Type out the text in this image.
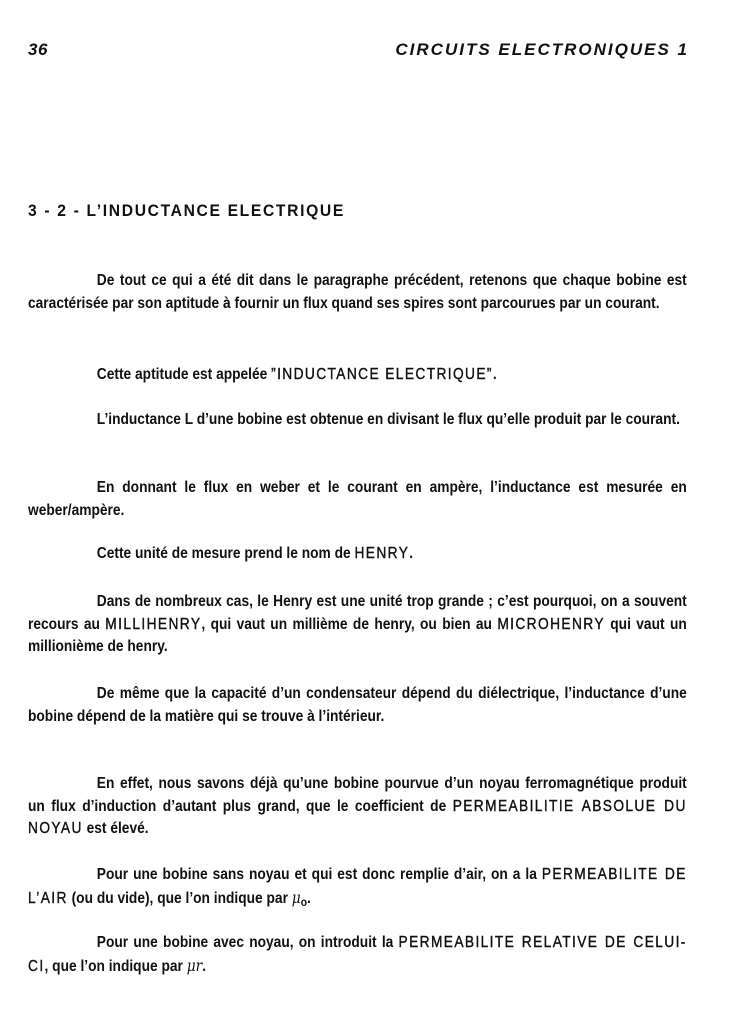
36	CIRCUITS ELECTRONIQUES 1
3 - 2 - L’INDUCTANCE ELECTRIQUE

De tout ce qui a été dit dans le paragraphe précédent, retenons que chaque bobine est caractérisée par son aptitude à fournir un flux quand ses spires sont parcourues par un courant.

Cette aptitude est appelée ”INDUCTANCE ELECTRIQUE”.

L’inductance L d’une bobine est obtenue en divisant le flux qu’elle produit par le courant.

En donnant le flux en weber et le courant en ampère, l’inductance est mesurée en weber/ampère.

Cette unité de mesure prend le nom de HENRY.

Dans de nombreux cas, le Henry est une unité trop grande ; c’est pourquoi, on a souvent recours au MILLIHENRY, qui vaut un millième de henry, ou bien au MICROHENRY qui vaut un millionième de henry.

De même que la capacité d’un condensateur dépend du diélectrique, l’inductance d’une bobine dépend de la matière qui se trouve à l’intérieur.

En effet, nous savons déjà qu’une bobine pourvue d’un noyau ferromagnétique produit un flux d’induction d’autant plus grand, que le coefficient de PERMEABILITIE ABSOLUE DU NOYAU est élevé.

Pour une bobine sans noyau et qui est donc remplie d’air, on a la PERMEABILITE DE L’AIR (ou du vide), que l’on indique par $\mu_o$.

Pour une bobine avec noyau, on introduit la PERMEABILITE RELATIVE DE CELUI-CI, que l’on indique par μr.
